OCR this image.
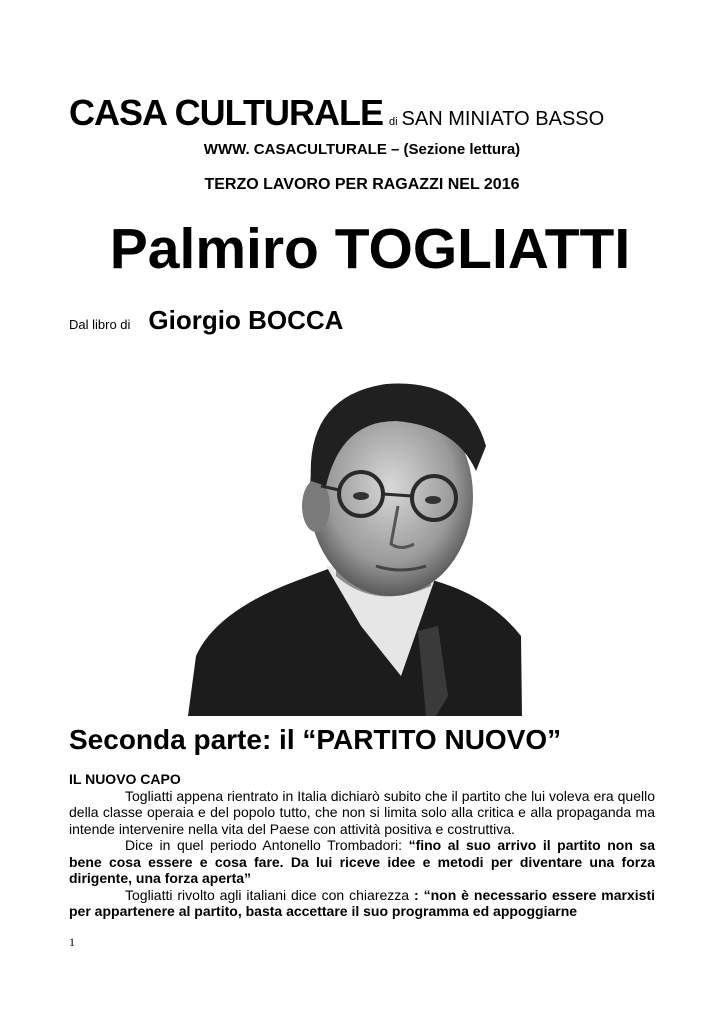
CASA CULTURALE di SAN MINIATO BASSO
WWW. CASACULTURALE – (Sezione lettura)
TERZO LAVORO PER RAGAZZI NEL 2016
Palmiro TOGLIATTI
Dal libro di Giorgio BOCCA
Seconda parte: il “PARTITO NUOVO”
IL NUOVO CAPO

Togliatti appena rientrato in Italia dichiarò subito che il partito che lui voleva era quello della classe operaia e del popolo tutto, che non si limita solo alla critica e alla propaganda ma intende intervenire nella vita del Paese con attività positiva e costruttiva.

Dice in quel periodo Antonello Trombadori: “fino al suo arrivo il partito non sa bene cosa essere e cosa fare. Da lui riceve idee e metodi per diventare una forza dirigente, una forza aperta”

Togliatti rivolto agli italiani dice con chiarezza : “non è necessario essere marxisti per appartenere al partito, basta accettare il suo programma ed appoggiarne

1
